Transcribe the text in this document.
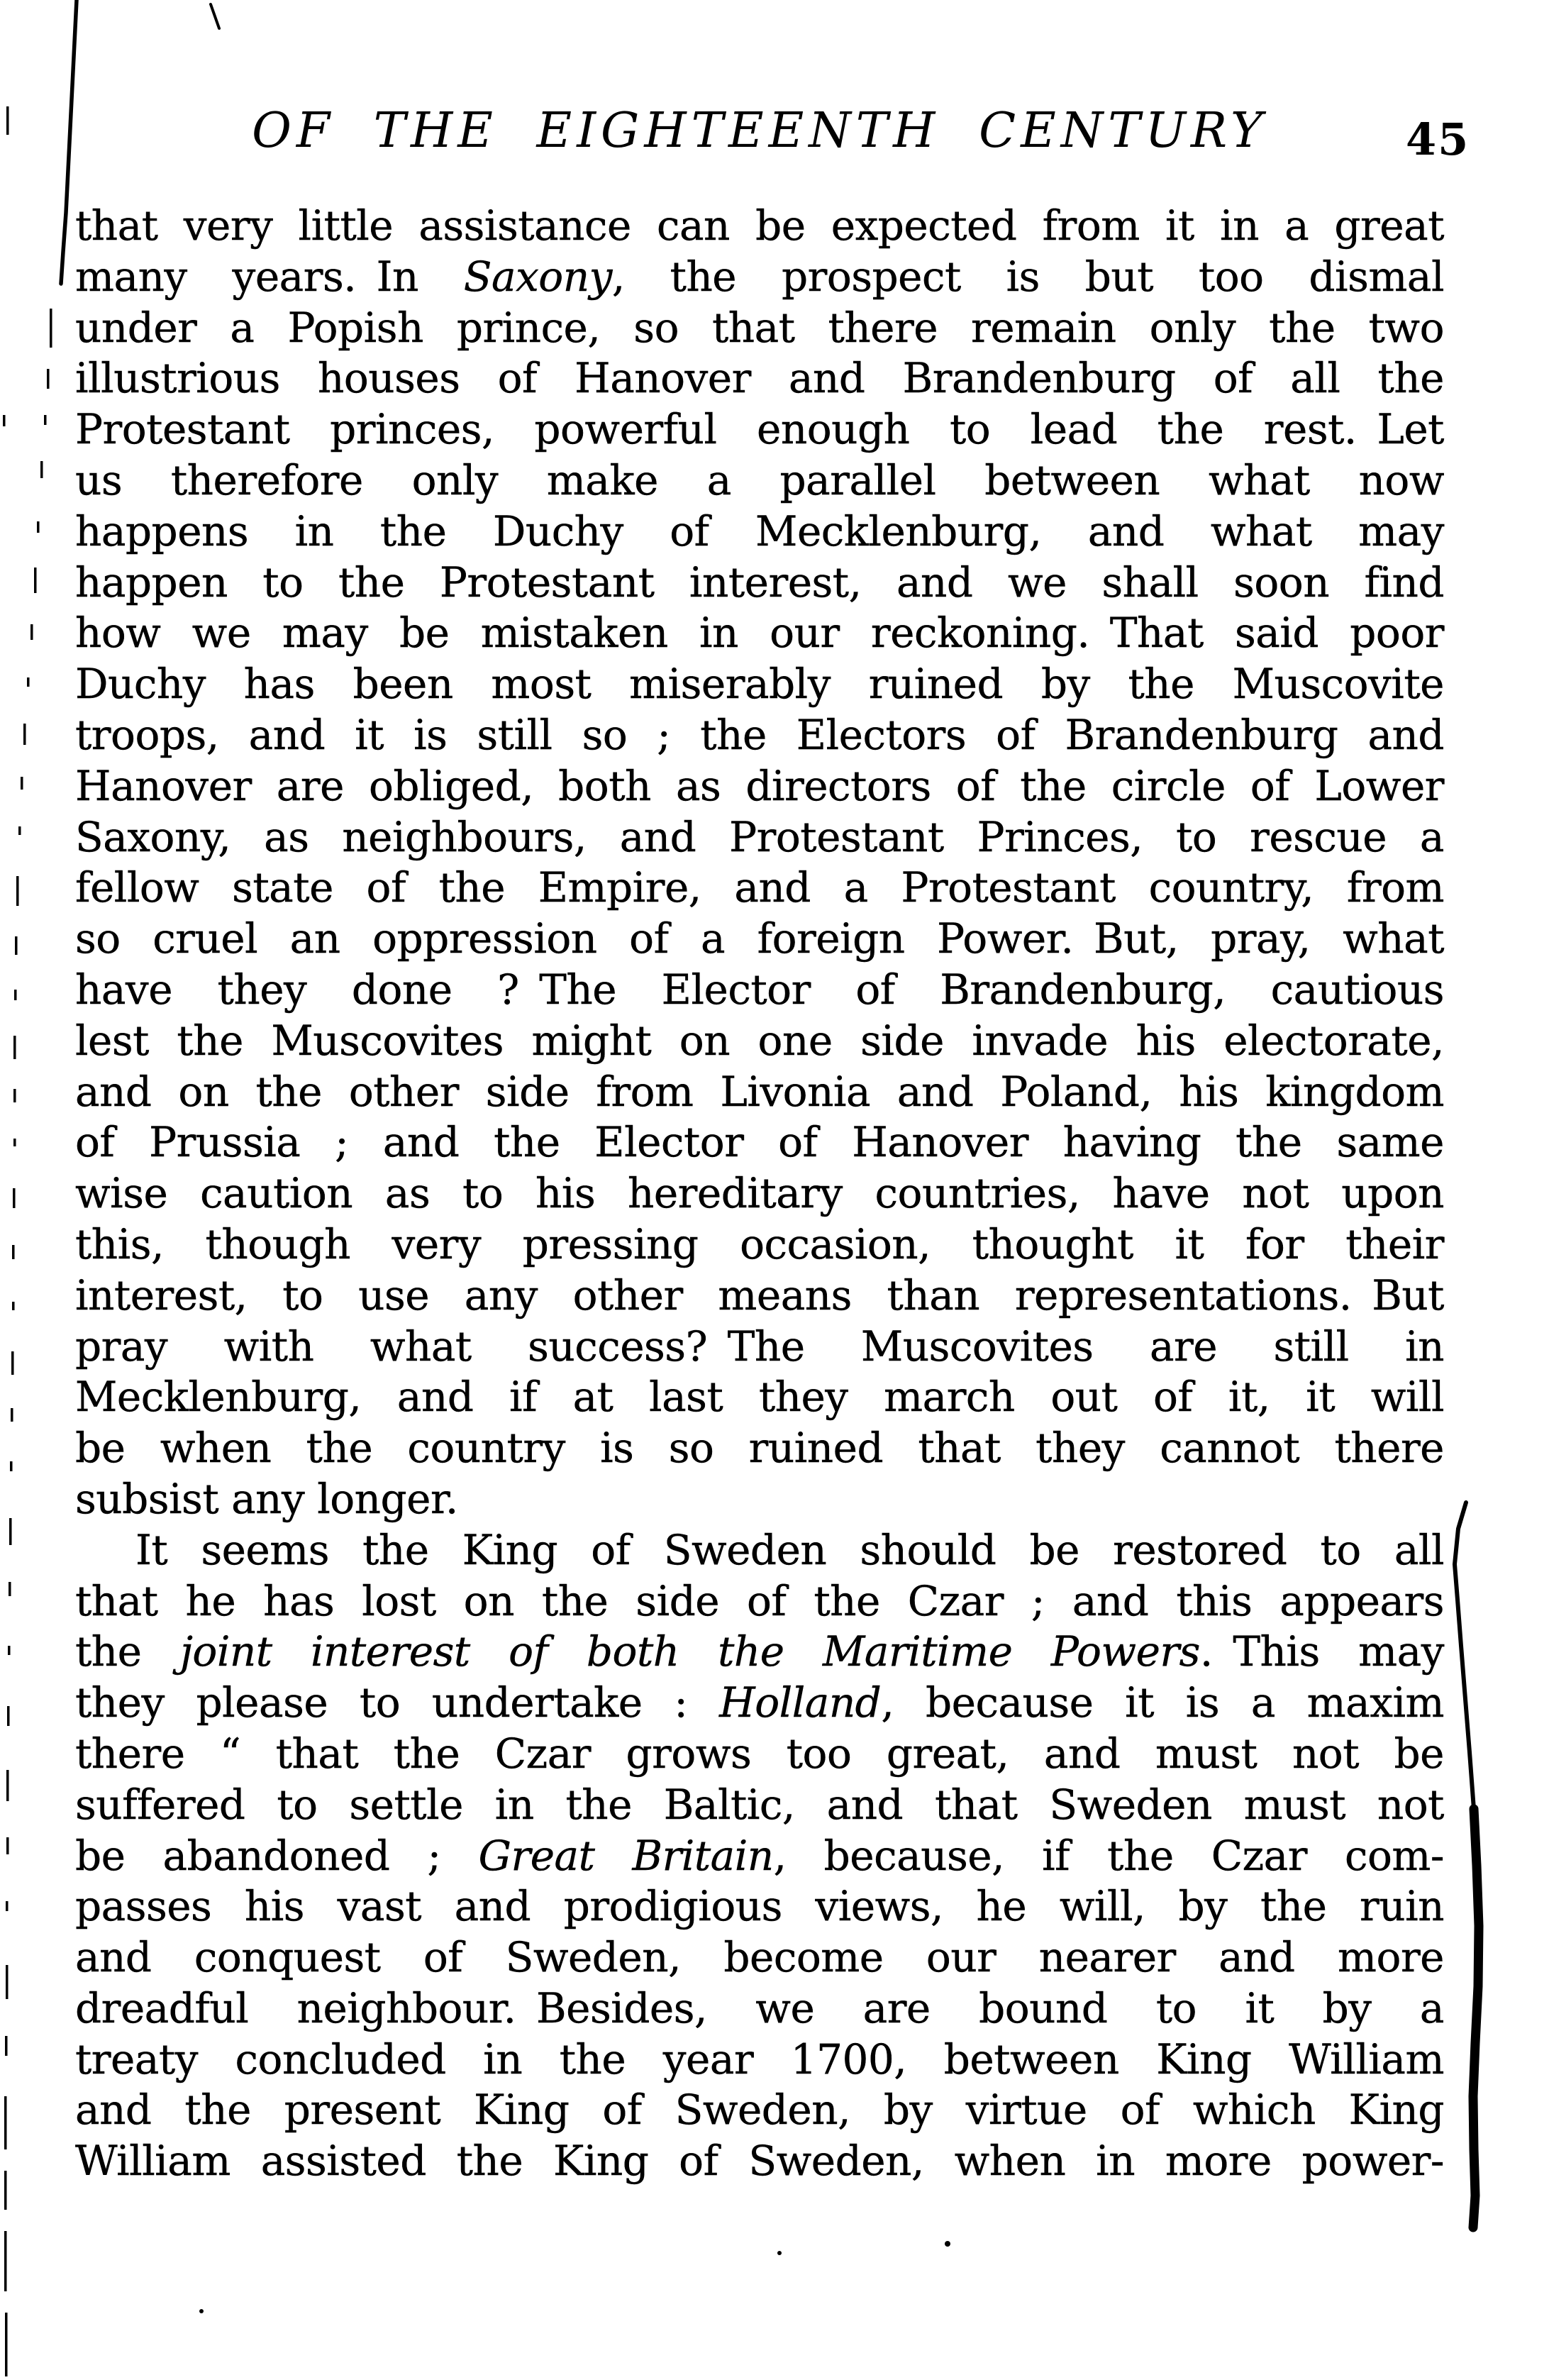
OF THE EIGHTEENTH CENTURY	45
that very little assistance can be expected from it in a great
many years. In Saxony, the prospect is but too dismal
under a Popish prince, so that there remain only the two
illustrious houses of Hanover and Brandenburg of all the
Protestant princes, powerful enough to lead the rest. Let
us therefore only make a parallel between what now
happens in the Duchy of Mecklenburg, and what may
happen to the Protestant interest, and we shall soon find
how we may be mistaken in our reckoning. That said poor
Duchy has been most miserably ruined by the Muscovite
troops, and it is still so ; the Electors of Brandenburg and
Hanover are obliged, both as directors of the circle of Lower
Saxony, as neighbours, and Protestant Princes, to rescue a
fellow state of the Empire, and a Protestant country, from
so cruel an oppression of a foreign Power. But, pray, what
have they done ? The Elector of Brandenburg, cautious
lest the Muscovites might on one side invade his electorate,
and on the other side from Livonia and Poland, his kingdom
of Prussia ; and the Elector of Hanover having the same
wise caution as to his hereditary countries, have not upon
this, though very pressing occasion, thought it for their
interest, to use any other means than representations. But
pray with what success? The Muscovites are still in
Mecklenburg, and if at last they march out of it, it will
be when the country is so ruined that they cannot there
subsist any longer.
It seems the King of Sweden should be restored to all
that he has lost on the side of the Czar ; and this appears
the joint interest of both the Maritime Powers. This may
they please to undertake : Holland, because it is a maxim
there “ that the Czar grows too great, and must not be
suffered to settle in the Baltic, and that Sweden must not
be abandoned ; Great Britain, because, if the Czar com-
passes his vast and prodigious views, he will, by the ruin
and conquest of Sweden, become our nearer and more
dreadful neighbour. Besides, we are bound to it by a
treaty concluded in the year 1700, between King William
and the present King of Sweden, by virtue of which King
William assisted the King of Sweden, when in more power-
